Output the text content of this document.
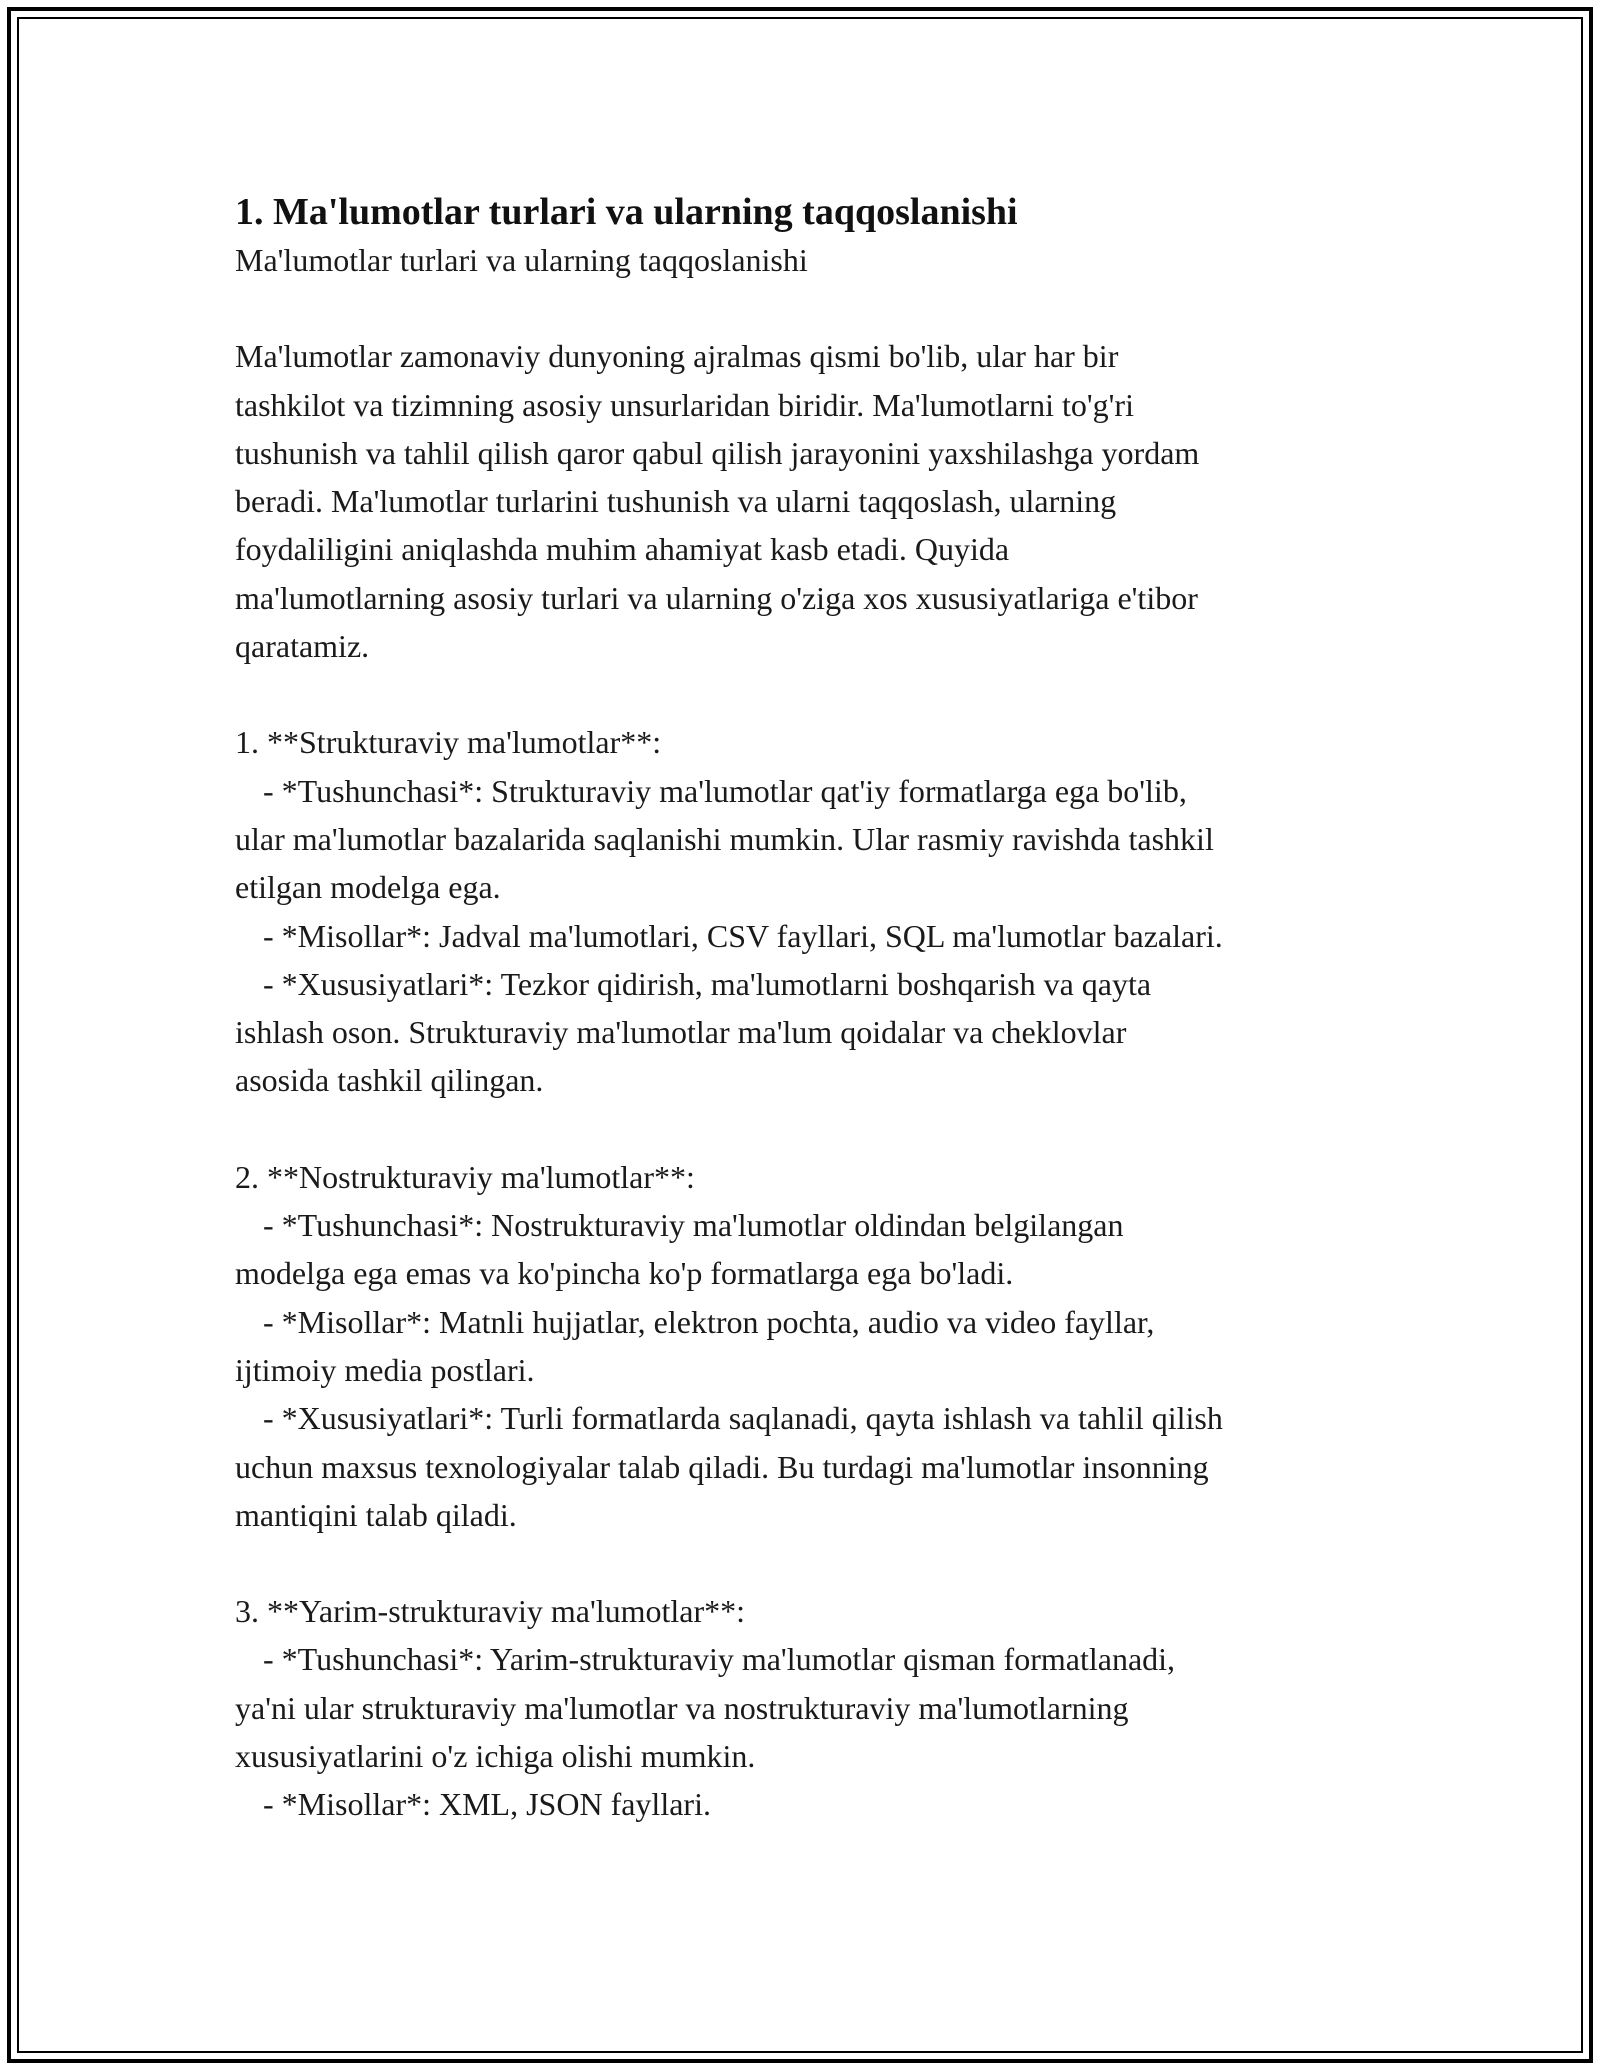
1. Ma'lumotlar turlari va ularning taqqoslanishi

Ma'lumotlar turlari va ularning taqqoslanishi

Ma'lumotlar zamonaviy dunyoning ajralmas qismi bo'lib, ular har bir
tashkilot va tizimning asosiy unsurlaridan biridir. Ma'lumotlarni to'g'ri
tushunish va tahlil qilish qaror qabul qilish jarayonini yaxshilashga yordam
beradi. Ma'lumotlar turlarini tushunish va ularni taqqoslash, ularning
foydaliligini aniqlashda muhim ahamiyat kasb etadi. Quyida
ma'lumotlarning asosiy turlari va ularning o'ziga xos xususiyatlariga e'tibor
qaratamiz.

1. **Strukturaviy ma'lumotlar**:

- *Tushunchasi*: Strukturaviy ma'lumotlar qat'iy formatlarga ega bo'lib,

ular ma'lumotlar bazalarida saqlanishi mumkin. Ular rasmiy ravishda tashkil

etilgan modelga ega.

- *Misollar*: Jadval ma'lumotlari, CSV fayllari, SQL ma'lumotlar bazalari.

- *Xususiyatlari*: Tezkor qidirish, ma'lumotlarni boshqarish va qayta

ishlash oson. Strukturaviy ma'lumotlar ma'lum qoidalar va cheklovlar

asosida tashkil qilingan.

2. **Nostrukturaviy ma'lumotlar**:

- *Tushunchasi*: Nostrukturaviy ma'lumotlar oldindan belgilangan

modelga ega emas va ko'pincha ko'p formatlarga ega bo'ladi.

- *Misollar*: Matnli hujjatlar, elektron pochta, audio va video fayllar,

ijtimoiy media postlari.

- *Xususiyatlari*: Turli formatlarda saqlanadi, qayta ishlash va tahlil qilish

uchun maxsus texnologiyalar talab qiladi. Bu turdagi ma'lumotlar insonning

mantiqini talab qiladi.

3. **Yarim-strukturaviy ma'lumotlar**:

- *Tushunchasi*: Yarim-strukturaviy ma'lumotlar qisman formatlanadi,

ya'ni ular strukturaviy ma'lumotlar va nostrukturaviy ma'lumotlarning

xususiyatlarini o'z ichiga olishi mumkin.

- *Misollar*: XML, JSON fayllari.
